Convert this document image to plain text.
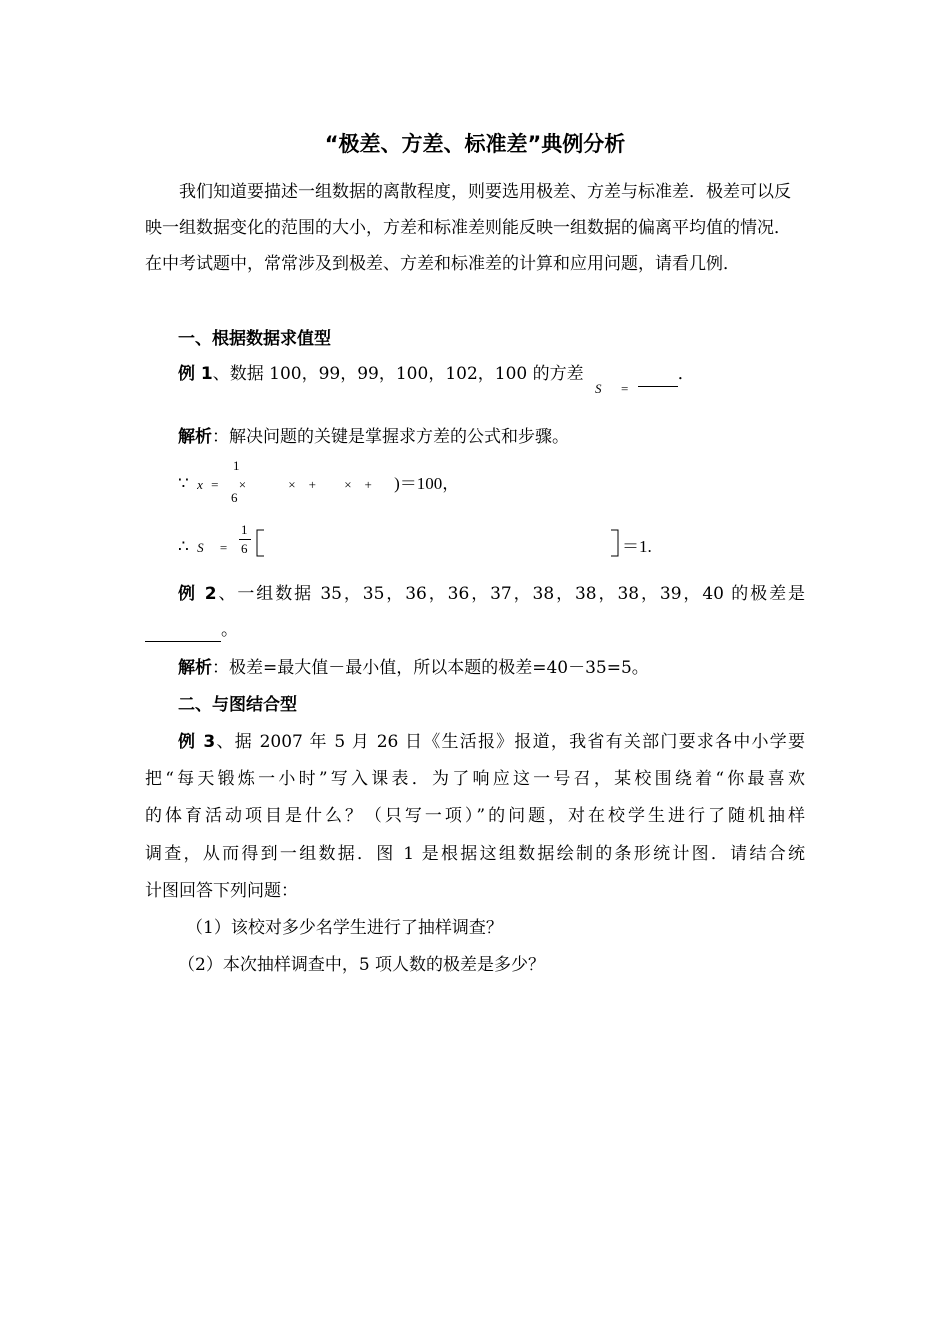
“极差、方差、标准差”典例分析
我们知道要描述一组数据的离散程度，则要选用极差、方差与标准差．极差可以反映一组数据变化的范围的大小，方差和标准差则能反映一组数据的偏离平均值的情况．　在中考试题中，常常涉及到极差、方差和标准差的计算和应用问题，请看几例．
一、根据数据求值型
例 1、数据 100，99，99，100，102，100 的方差 $_S$ $_=$ ．
解析：解决问题的关键是掌握求方差的公式和步骤。
∵ x = ×	×　+ ×　+ )＝100，
1
6
∴ S =
1
6	＝1.
例 2、一组数据 35，35，36，36，37，38，38，38，39，40 的极差是
。
解析：极差=最大值－最小值，所以本题的极差=40－35=5。
二、与图结合型
例 3、据 2007 年 5 月 26 日《生活报》报道，我省有关部门要求各中小学要
把“每天锻炼一小时”写入课表．为了响应这一号召，某校围绕着“你最喜欢
的体育活动项目是什么？（只写一项）”的问题，对在校学生进行了随机抽样
调查，从而得到一组数据．图 1 是根据这组数据绘制的条形统计图．请结合统
计图回答下列问题：
（1）该校对多少名学生进行了抽样调查？
（2）本次抽样调查中，5 项人数的极差是多少？
